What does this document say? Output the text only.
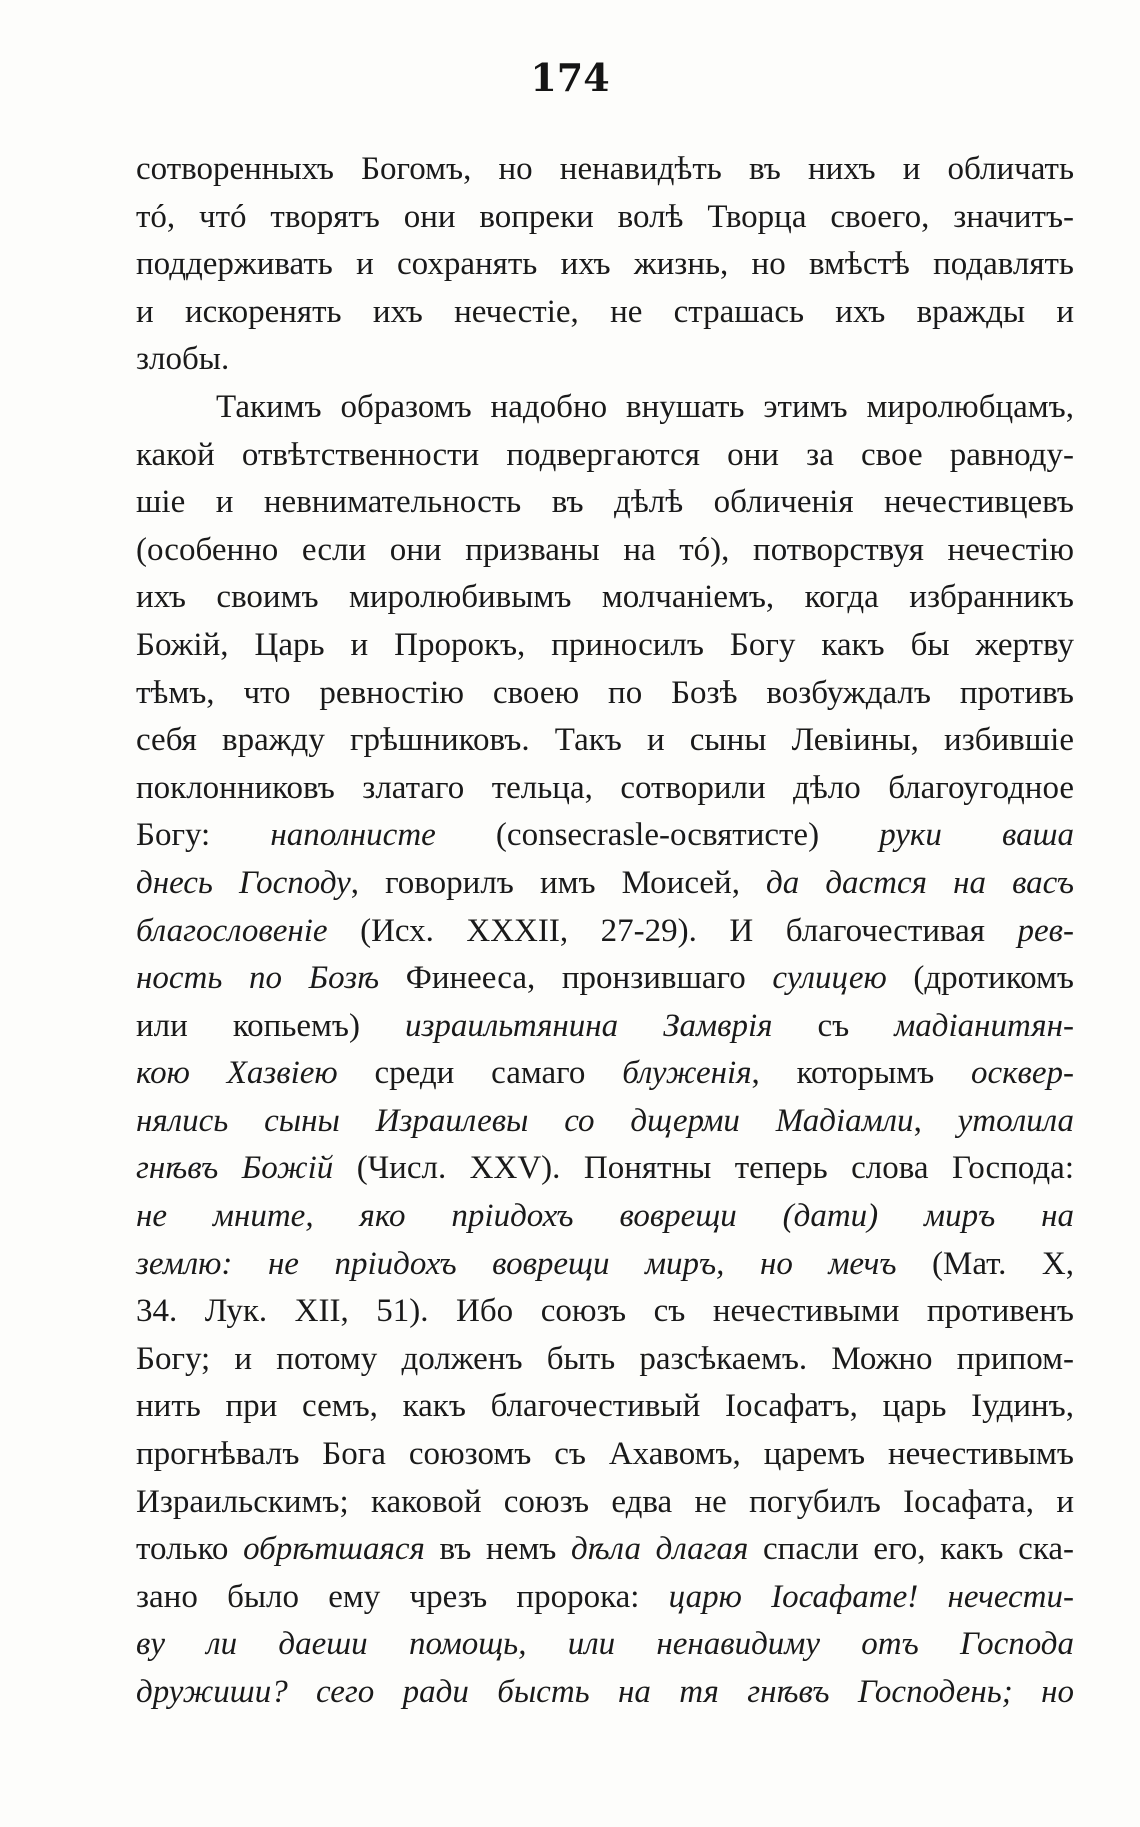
174
сотворенныхъ Богомъ, но ненавидѣть въ нихъ и обличать
тó, чтó творятъ они вопреки волѣ Творца своего, значитъ-
поддерживать и сохранять ихъ жизнь, но вмѣстѣ подавлять
и искоренять ихъ нечестіе, не страшась ихъ вражды и
злобы.
Такимъ образомъ надобно внушать этимъ миролюбцамъ,
какой отвѣтственности подвергаются они за свое равноду-
шіе и невнимательность въ дѣлѣ обличенія нечестивцевъ
(особенно если они призваны на тó), потворствуя нечестію
ихъ своимъ миролюбивымъ молчаніемъ, когда избранникъ
Божій, Царь и Пророкъ, приносилъ Богу какъ бы жертву
тѣмъ, что ревностію своею по Бозѣ возбуждалъ противъ
себя вражду грѣшниковъ. Такъ и сыны Левіины, избившіе
поклонниковъ златаго тельца, сотворили дѣло благоугодное
Богу: наполнисте (consecrasle-освятисте) руки ваша
днесь Господу, говорилъ имъ Моисей, да дастся на васъ
благословеніе (Исх. XXXII, 27-29). И благочестивая рев-
ность по Бозѣ Финееса, пронзившаго сулицею (дротикомъ
или копьемъ) израильтянина Замврія съ мадіанитян-
кою Хазвіею среди самаго блуженія, которымъ осквер-
нялись сыны Израилевы со дщерми Мадіамли, утолила
гнѣвъ Божій (Числ. XXV). Понятны теперь слова Господа:
не мните, яко пріидохъ воврещи (дати) миръ на
землю: не пріидохъ воврещи миръ, но мечъ (Мат. X,
34. Лук. XII, 51). Ибо союзъ съ нечестивыми противенъ
Богу; и потому долженъ быть разсѣкаемъ. Можно припом-
нить при семъ, какъ благочестивый Іосафатъ, царь Іудинъ,
прогнѣвалъ Бога союзомъ съ Ахавомъ, царемъ нечестивымъ
Израильскимъ; каковой союзъ едва не погубилъ Іосафата, и
только обрѣтшаяся въ немъ дѣла длагая спасли его, какъ ска-
зано было ему чрезъ пророка: царю Іосафате! нечести-
ву ли даеши помощь, или ненавидиму отъ Господа
дружиши? сего ради бысть на тя гнѣвъ Господень; но
